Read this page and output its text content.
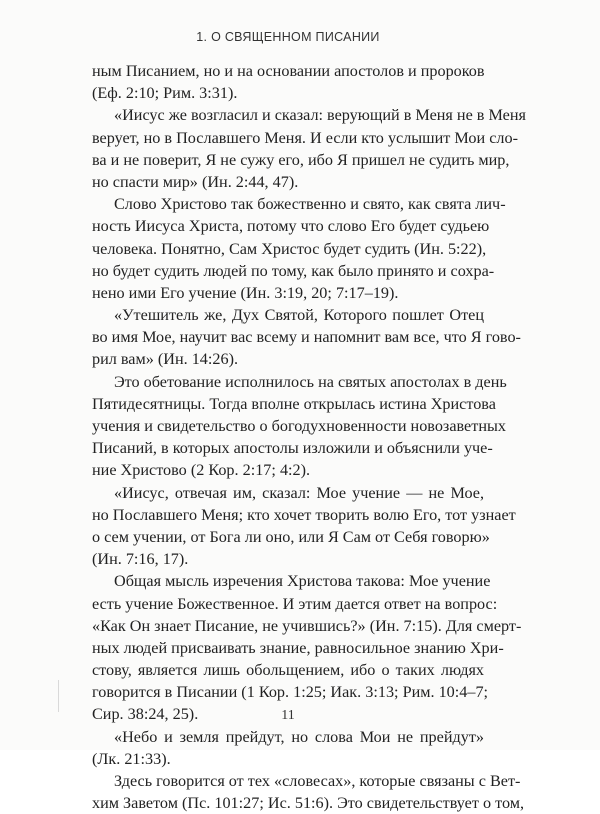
1. О СВЯЩЕННОМ ПИСАНИИ
ным Писанием, но и на основании апостолов и пророков
(Еф. 2:10; Рим. 3:31).
«Иисус же возгласил и сказал: верующий в Меня не в Меня
верует, но в Пославшего Меня. И если кто услышит Мои сло-
ва и не поверит, Я не сужу его, ибо Я пришел не судить мир,
но спасти мир» (Ин. 2:44, 47).
Слово Христово так божественно и свято, как свята лич-
ность Иисуса Христа, потому что слово Его будет судьею
человека. Понятно, Сам Христос будет судить (Ин. 5:22),
но будет судить людей по тому, как было принято и сохра-
нено ими Его учение (Ин. 3:19, 20; 7:17–19).
«Утешитель же, Дух Святой, Которого пошлет Отец
во имя Мое, научит вас всему и напомнит вам все, что Я гово-
рил вам» (Ин. 14:26).
Это обетование исполнилось на святых апостолах в день
Пятидесятницы. Тогда вполне открылась истина Христова
учения и свидетельство о богодухновенности новозаветных
Писаний, в которых апостолы изложили и объяснили уче-
ние Христово (2 Кор. 2:17; 4:2).
«Иисус, отвечая им, сказал: Мое учение — не Мое,
но Пославшего Меня; кто хочет творить волю Его, тот узнает
о сем учении, от Бога ли оно, или Я Сам от Себя говорю»
(Ин. 7:16, 17).
Общая мысль изречения Христова такова: Мое учение
есть учение Божественное. И этим дается ответ на вопрос:
«Как Он знает Писание, не учившись?» (Ин. 7:15). Для смерт-
ных людей присваивать знание, равносильное знанию Хри-
стову, является лишь обольщением, ибо о таких людях
говорится в Писании (1 Кор. 1:25; Иак. 3:13; Рим. 10:4–7;
Сир. 38:24, 25).
«Небо и земля прейдут, но слова Мои не прейдут»
(Лк. 21:33).
Здесь говорится от тех «словесах», которые связаны с Вет-
хим Заветом (Пс. 101:27; Ис. 51:6). Это свидетельствует о том,
11
